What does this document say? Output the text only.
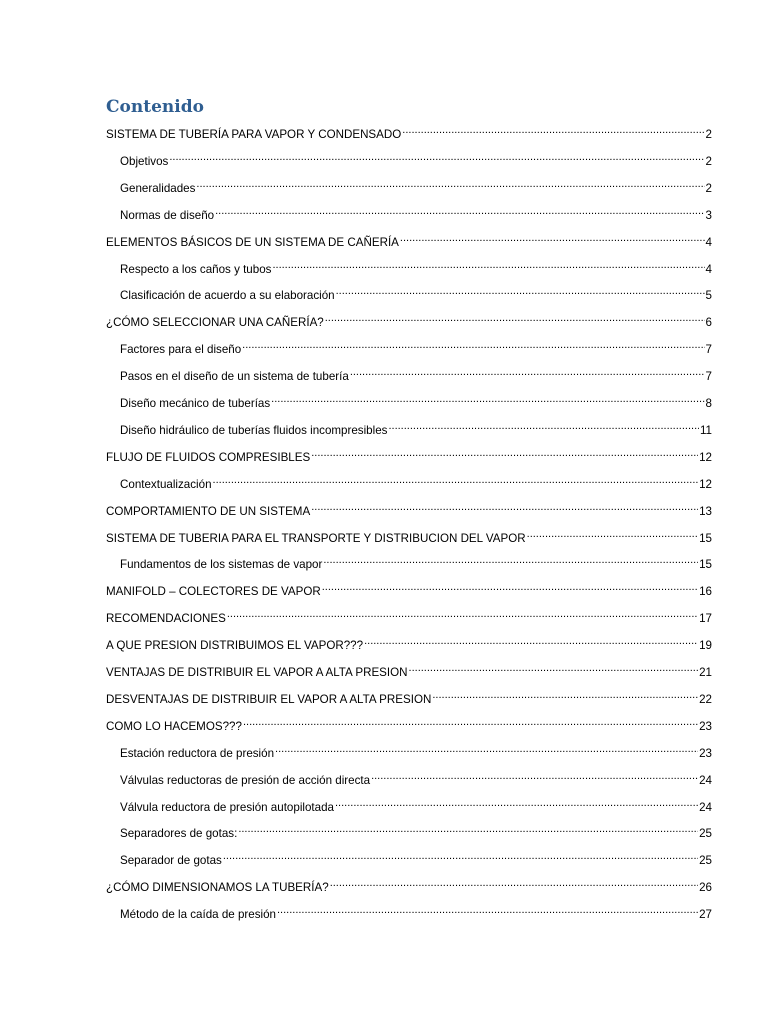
Contenido
SISTEMA DE TUBERÍA PARA VAPOR Y CONDENSADO .....	2
Objetivos .....	2
Generalidades .....	2
Normas de diseño .....	3
ELEMENTOS BÁSICOS DE UN SISTEMA DE CAÑERÍA .....	4
Respecto a los caños y tubos .....	4
Clasificación de acuerdo a su elaboración .....	5
¿CÓMO SELECCIONAR UNA CAÑERÍA? .....	6
Factores para el diseño .....	7
Pasos en el diseño de un sistema de tubería .....	7
Diseño mecánico de tuberías .....	8
Diseño hidráulico de tuberías fluidos incompresibles .....	11
FLUJO DE FLUIDOS COMPRESIBLES .....	12
Contextualización .....	12
COMPORTAMIENTO DE UN SISTEMA .....	13
SISTEMA DE TUBERIA PARA EL TRANSPORTE Y DISTRIBUCION DEL VAPOR .....	15
Fundamentos de los sistemas de vapor .....	15
MANIFOLD – COLECTORES DE VAPOR .....	16
RECOMENDACIONES .....	17
A QUE PRESION DISTRIBUIMOS EL VAPOR??? .....	19
VENTAJAS DE DISTRIBUIR EL VAPOR A ALTA PRESION .....	21
DESVENTAJAS DE DISTRIBUIR EL VAPOR A ALTA PRESION .....	22
COMO LO HACEMOS??? .....	23
Estación reductora de presión .....	23
Válvulas reductoras de presión de acción directa .....	24
Válvula reductora de presión autopilotada .....	24
Separadores de gotas: .....	25
Separador de gotas .....	25
¿CÓMO DIMENSIONAMOS LA TUBERÍA? .....	26
Método de la caída de presión .....	27
